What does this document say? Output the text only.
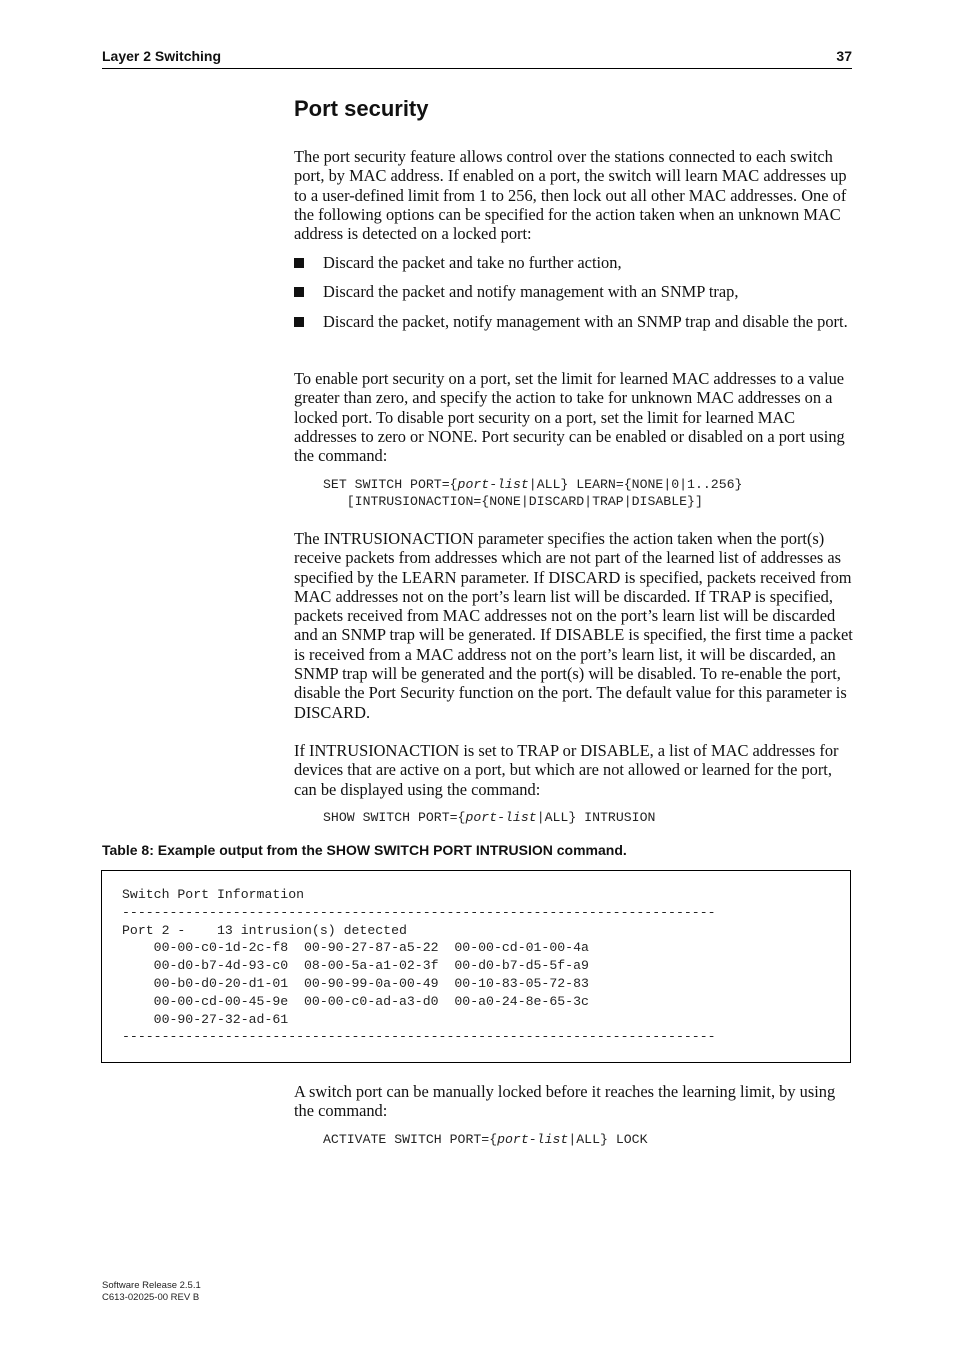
Layer 2 Switching	37
Port security

The port security feature allows control over the stations connected to each switch port, by MAC address. If enabled on a port, the switch will learn MAC addresses up to a user-defined limit from 1 to 256, then lock out all other MAC addresses. One of the following options can be specified for the action taken when an unknown MAC address is detected on a locked port:

Discard the packet and take no further action,
Discard the packet and notify management with an SNMP trap,
Discard the packet, notify management with an SNMP trap and disable the port.

To enable port security on a port, set the limit for learned MAC addresses to a value greater than zero, and specify the action to take for unknown MAC addresses on a locked port. To disable port security on a port, set the limit for learned MAC addresses to zero or NONE. Port security can be enabled or disabled on a port using the command:

SET SWITCH PORT={port-list|ALL} LEARN={NONE|0|1..256}
[INTRUSIONACTION={NONE|DISCARD|TRAP|DISABLE}]

The INTRUSIONACTION parameter specifies the action taken when the port(s) receive packets from addresses which are not part of the learned list of addresses as specified by the LEARN parameter. If DISCARD is specified, packets received from MAC addresses not on the port’s learn list will be discarded. If TRAP is specified, packets received from MAC addresses not on the port’s learn list will be discarded and an SNMP trap will be generated. If DISABLE is specified, the first time a packet is received from a MAC address not on the port’s learn list, it will be discarded, an SNMP trap will be generated and the port(s) will be disabled. To re-enable the port, disable the Port Security function on the port. The default value for this parameter is DISCARD.

If INTRUSIONACTION is set to TRAP or DISABLE, a list of MAC addresses for devices that are active on a port, but which are not allowed or learned for the port, can be displayed using the command:

SHOW SWITCH PORT={port-list|ALL} INTRUSION
Table 8: Example output from the SHOW SWITCH PORT INTRUSION command.
Switch Port Information
---------------------------------------------------------------------------
Port 2 -    13 intrusion(s) detected
00-00-c0-1d-2c-f8  00-90-27-87-a5-22  00-00-cd-01-00-4a
00-d0-b7-4d-93-c0  08-00-5a-a1-02-3f  00-d0-b7-d5-5f-a9
00-b0-d0-20-d1-01  00-90-99-0a-00-49  00-10-83-05-72-83
00-00-cd-00-45-9e  00-00-c0-ad-a3-d0  00-a0-24-8e-65-3c
00-90-27-32-ad-61
---------------------------------------------------------------------------

A switch port can be manually locked before it reaches the learning limit, by using the command:

ACTIVATE SWITCH PORT={port-list|ALL} LOCK
Software Release 2.5.1
C613-02025-00 REV B
